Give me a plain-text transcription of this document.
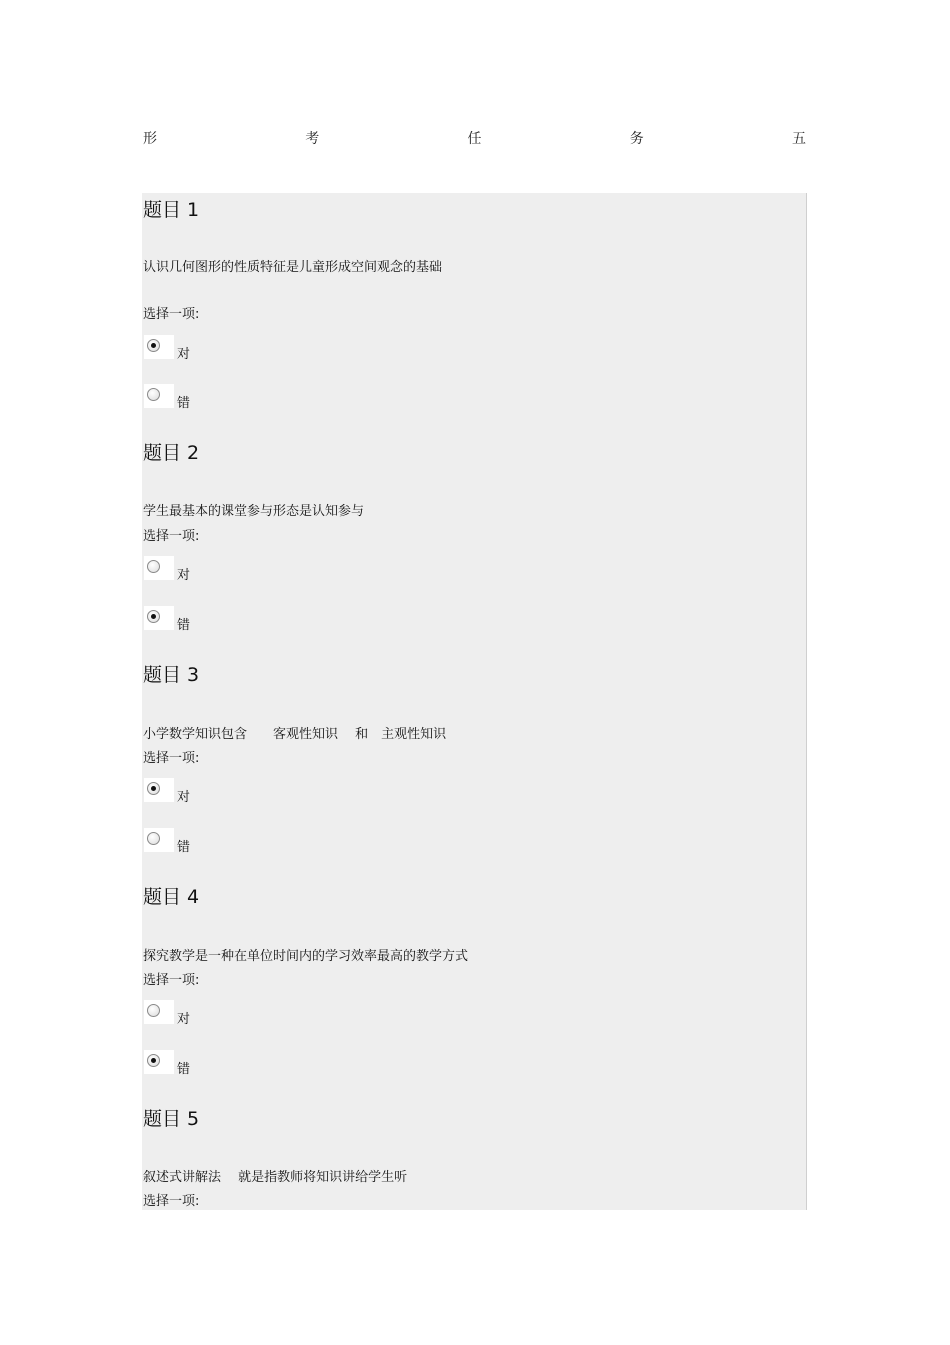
形	考	任	务	五
题目 1
认识几何图形的性质特征是儿童形成空间观念的基础
选择一项:
对
错
题目 2
学生最基本的课堂参与形态是认知参与
选择一项:
对
错
题目 3
小学数学知识包含　　客观性知识　 和　主观性知识
选择一项:
对
错
题目 4
探究教学是一种在单位时间内的学习效率最高的教学方式
选择一项:
对
错
题目 5
叙述式讲解法　 就是指教师将知识讲给学生听
选择一项:
